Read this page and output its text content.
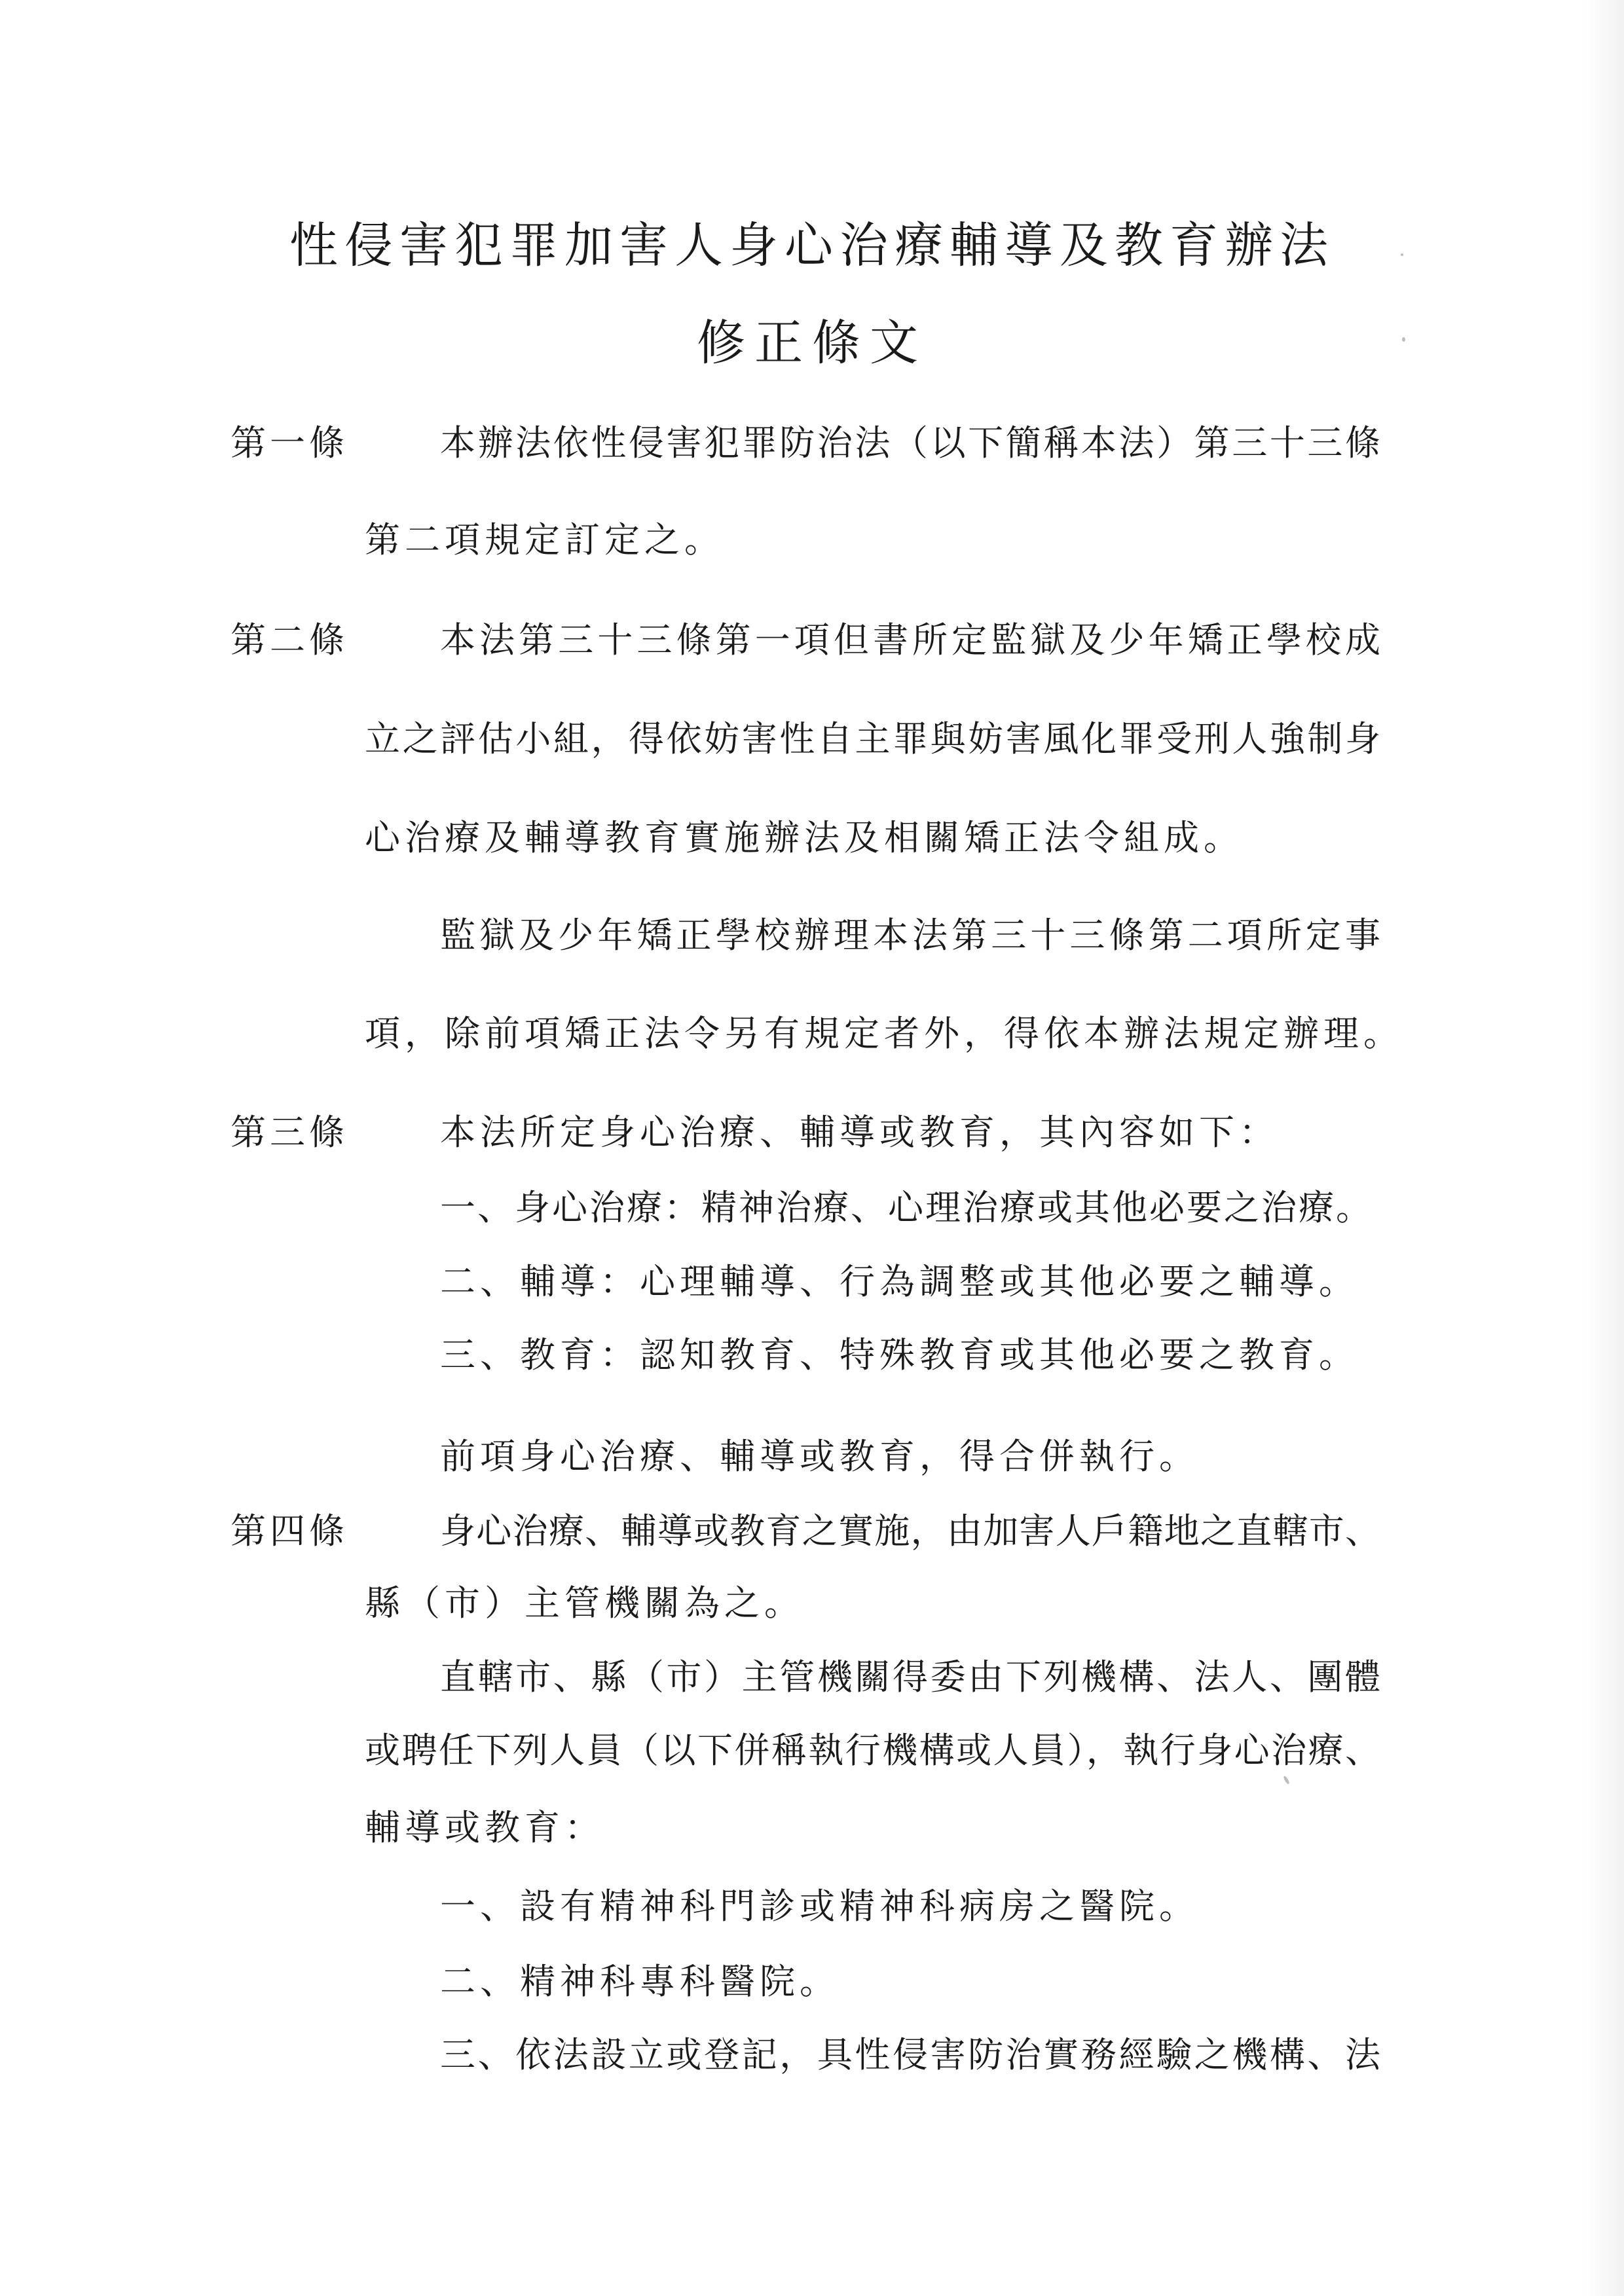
性侵害犯罪加害人身心治療輔導及教育辦法
修正條文
第一條	本辦法依性侵害犯罪防治法（以下簡稱本法）第三十三條
第二項規定訂定之。
第二條	本法第三十三條第一項但書所定監獄及少年矯正學校成
立之評估小組，得依妨害性自主罪與妨害風化罪受刑人強制身
心治療及輔導教育實施辦法及相關矯正法令組成。
監獄及少年矯正學校辦理本法第三十三條第二項所定事
項，除前項矯正法令另有規定者外，得依本辦法規定辦理。
第三條	本法所定身心治療、輔導或教育，其內容如下：
一、身心治療：精神治療、心理治療或其他必要之治療。
二、輔導：心理輔導、行為調整或其他必要之輔導。
三、教育：認知教育、特殊教育或其他必要之教育。
前項身心治療、輔導或教育，得合併執行。
第四條	身心治療、輔導或教育之實施，由加害人戶籍地之直轄市、
縣（市）主管機關為之。
直轄市、縣（市）主管機關得委由下列機構、法人、團體
或聘任下列人員（以下併稱執行機構或人員），執行身心治療、
輔導或教育：
一、設有精神科門診或精神科病房之醫院。
二、精神科專科醫院。
三、依法設立或登記，具性侵害防治實務經驗之機構、法
